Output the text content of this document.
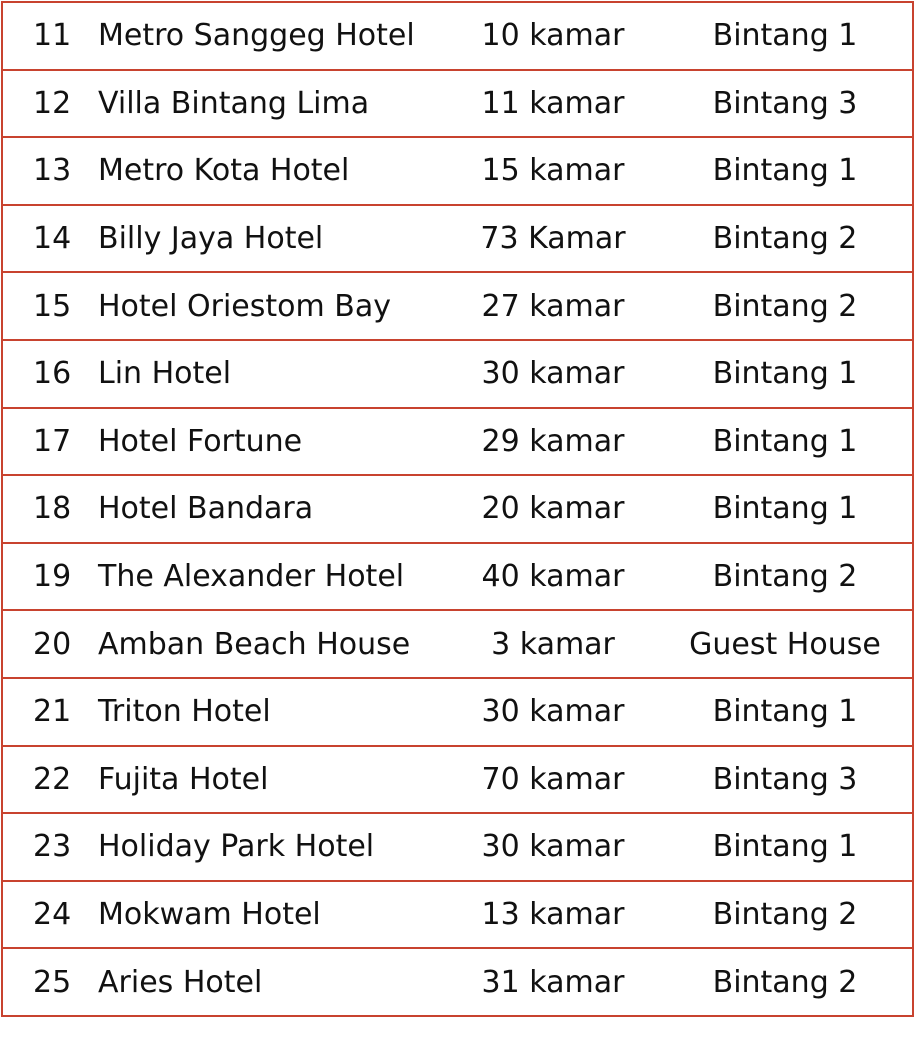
11	Metro Sanggeg Hotel	10 kamar	Bintang 1
12	Villa Bintang Lima	11 kamar	Bintang 3
13	Metro Kota Hotel	15 kamar	Bintang 1
14	Billy Jaya Hotel	73 Kamar	Bintang 2
15	Hotel Oriestom Bay	27 kamar	Bintang 2
16	Lin Hotel	30 kamar	Bintang 1
17	Hotel Fortune	29 kamar	Bintang 1
18	Hotel Bandara	20 kamar	Bintang 1
19	The Alexander Hotel	40 kamar	Bintang 2
20	Amban Beach House	3 kamar	Guest House
21	Triton Hotel	30 kamar	Bintang 1
22	Fujita Hotel	70 kamar	Bintang 3
23	Holiday Park Hotel	30 kamar	Bintang 1
24	Mokwam Hotel	13 kamar	Bintang 2
25	Aries Hotel	31 kamar	Bintang 2
